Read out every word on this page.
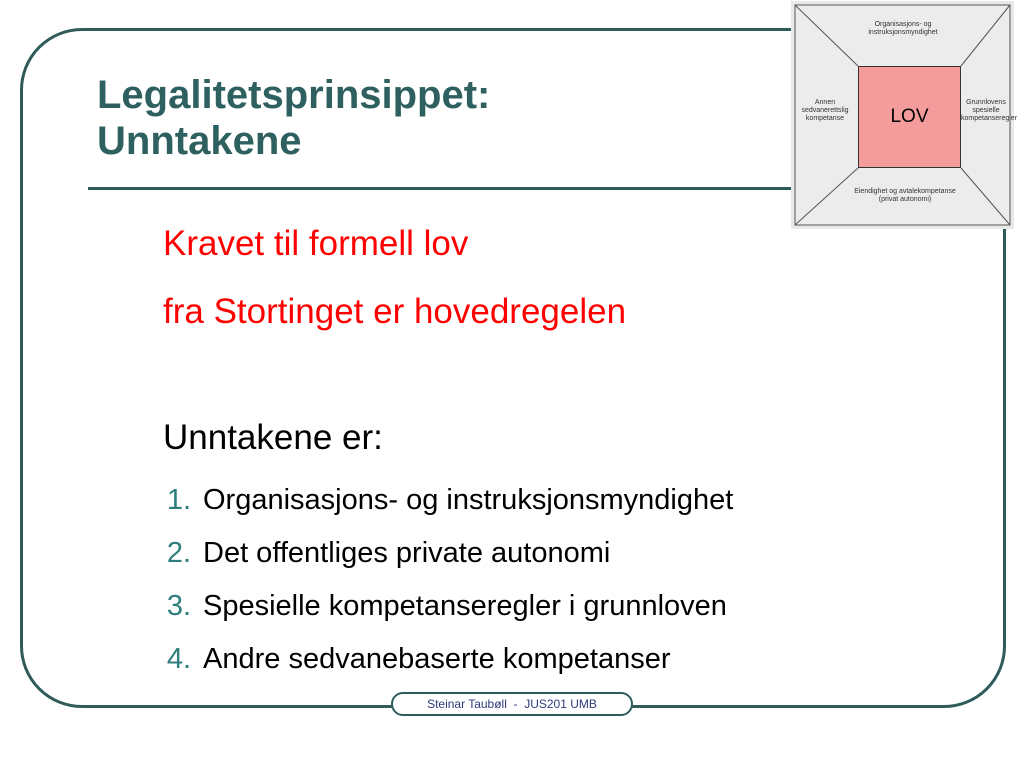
Legalitetsprinsippet:
Unntakene
Kravet til formell lov
fra Stortinget er hovedregelen
Unntakene er:
1. Organisasjons- og instruksjonsmyndighet
2. Det offentliges private autonomi
3. Spesielle kompetanseregler i grunnloven
4. Andre sedvanebaserte kompetanser
Organisasjons- og instruksjonsmyndighet
Annen sedvanerettslig kompetanse
Grunnlovens spesielle kompetanseregler
Eiendighet og avtalekompetanse (privat autonomi)
LOV
Steinar Taubøll  -  JUS201 UMB
